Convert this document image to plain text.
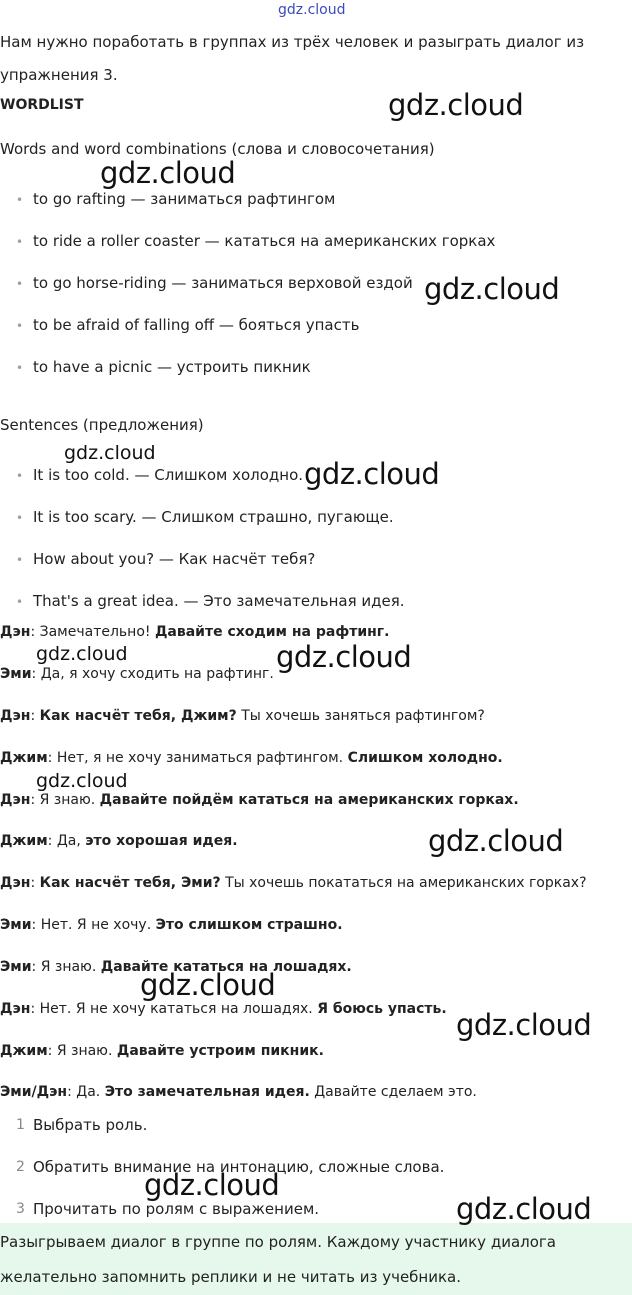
gdz.cloud
Нам нужно поработать в группах из трёх человек и разыграть диалог из
упражнения 3.
WORDLIST
Words and word combinations (слова и словосочетания)
• to go rafting — заниматься рафтингом
• to ride a roller coaster — кататься на американских горках
• to go horse-riding — заниматься верховой ездой
• to be afraid of falling off — бояться упасть
• to have a picnic — устроить пикник
Sentences (предложения)
• It is too cold. — Слишком холодно.
• It is too scary. — Слишком страшно, пугающе.
• How about you? — Как насчёт тебя?
• That's a great idea. — Это замечательная идея.
Дэн: Замечательно! Давайте сходим на рафтинг.
Эми: Да, я хочу сходить на рафтинг.
Дэн: Как насчёт тебя, Джим? Ты хочешь заняться рафтингом?
Джим: Нет, я не хочу заниматься рафтингом. Слишком холодно.
Дэн: Я знаю. Давайте пойдём кататься на американских горках.
Джим: Да, это хорошая идея.
Дэн: Как насчёт тебя, Эми? Ты хочешь покататься на американских горках?
Эми: Нет. Я не хочу. Это слишком страшно.
Эми: Я знаю. Давайте кататься на лошадях.
Дэн: Нет. Я не хочу кататься на лошадях. Я боюсь упасть.
Джим: Я знаю. Давайте устроим пикник.
Эми/Дэн: Да. Это замечательная идея. Давайте сделаем это.
1 Выбрать роль.
2 Обратить внимание на интонацию, сложные слова.
3 Прочитать по ролям с выражением.
Разыгрываем диалог в группе по ролям. Каждому участнику диалога
желательно запомнить реплики и не читать из учебника.
gdz.cloud
gdz.cloud
gdz.cloud
gdz.cloud
gdz.cloud
gdz.cloud	gdz.cloud
gdz.cloud
gdz.cloud
gdz.cloud
gdz.cloud
gdz.cloud
gdz.cloud
